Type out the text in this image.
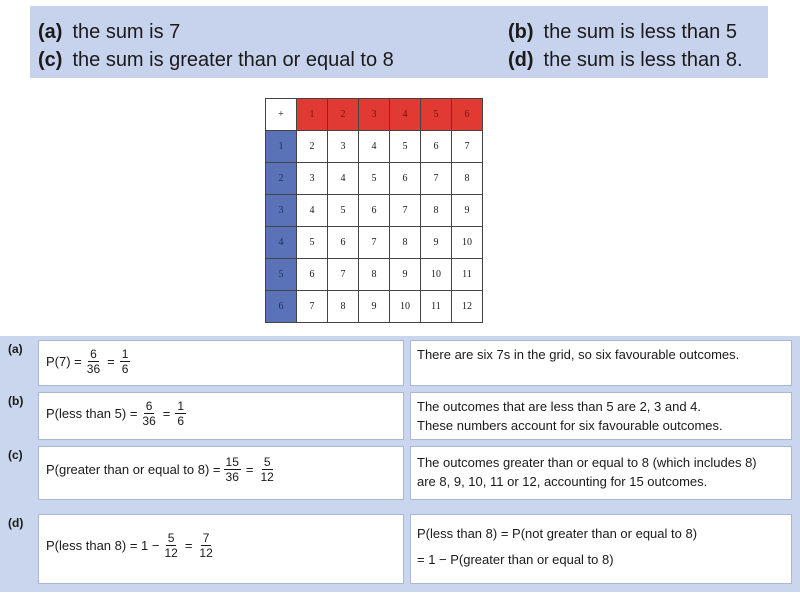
(a) the sum is 7	(b) the sum is less than 5
(c) the sum is greater than or equal to 8	(d) the sum is less than 8.
+	1	2	3	4	5	6
1	2	3	4	5	6	7
2	3	4	5	6	7	8
3	4	5	6	7	8	9
4	5	6	7	8	9	10
5	6	7	8	9	10	11
6	7	8	9	10	11	12
(a)
$P(7) = \frac{6}{36} = \frac{1}{6}$	There are six 7s in the grid, so six favourable outcomes.
(b)
P(less than $5) = \frac{6}{36} = \frac{1}{6}$	The outcomes that are less than 5 are 2, 3 and 4.
These numbers account for six favourable outcomes.
(c)
P(greater than or equal to $8) = \frac{15}{36} = \frac{5}{12}$	The outcomes greater than or equal to 8 (which includes 8)
are 8, 9, 10, 11 or 12, accounting for 15 outcomes.
(d)
P(less than $8) = 1 - \frac{5}{12} = \frac{7}{12}$	P(less than 8) = P(not greater than or equal to 8)
= 1 − P(greater than or equal to 8)
